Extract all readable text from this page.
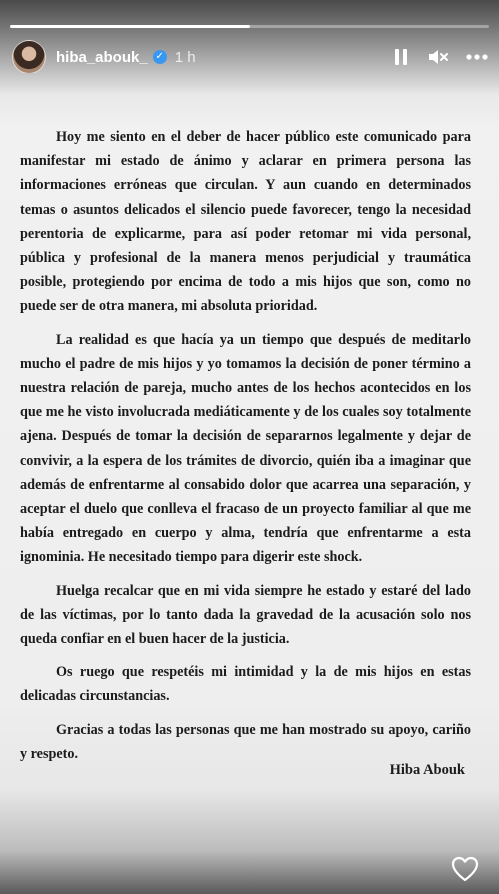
hiba_abouk_ ✓ 1 h

Hoy me siento en el deber de hacer público este comunicado para manifestar mi estado de ánimo y aclarar en primera persona las informaciones erróneas que circulan. Y aun cuando en determinados temas o asuntos delicados el silencio puede favorecer, tengo la necesidad perentoria de explicarme, para así poder retomar mi vida personal, pública y profesional de la manera menos perjudicial y traumática posible, protegiendo por encima de todo a mis hijos que son, como no puede ser de otra manera, mi absoluta prioridad.

La realidad es que hacía ya un tiempo que después de meditarlo mucho el padre de mis hijos y yo tomamos la decisión de poner término a nuestra relación de pareja, mucho antes de los hechos acontecidos en los que me he visto involucrada mediáticamente y de los cuales soy totalmente ajena. Después de tomar la decisión de separarnos legalmente y dejar de convivir, a la espera de los trámites de divorcio, quién iba a imaginar que además de enfrentarme al consabido dolor que acarrea una separación, y aceptar el duelo que conlleva el fracaso de un proyecto familiar al que me había entregado en cuerpo y alma, tendría que enfrentarme a esta ignominia. He necesitado tiempo para digerir este shock.

Huelga recalcar que en mi vida siempre he estado y estaré del lado de las víctimas, por lo tanto dada la gravedad de la acusación solo nos queda confiar en el buen hacer de la justicia.

Os ruego que respetéis mi intimidad y la de mis hijos en estas delicadas circunstancias.

Gracias a todas las personas que me han mostrado su apoyo, cariño y respeto.

Hiba Abouk
